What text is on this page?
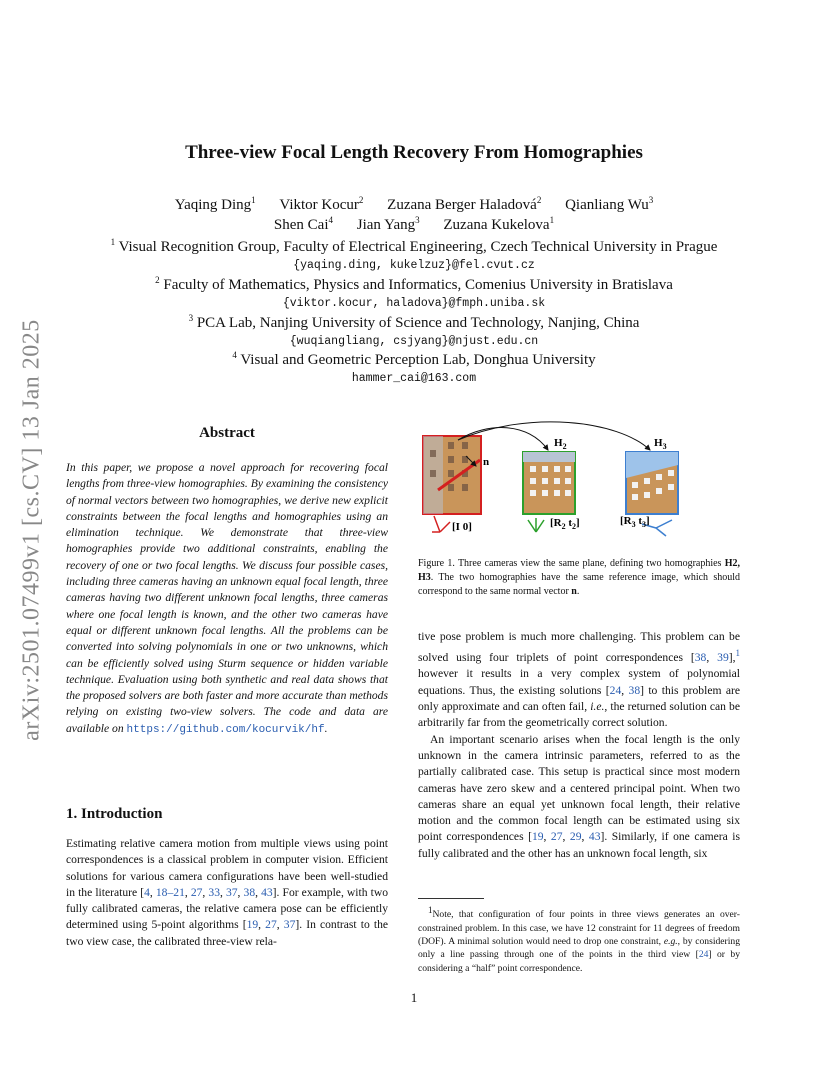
arXiv:2501.07499v1 [cs.CV] 13 Jan 2025
Three-view Focal Length Recovery From Homographies
Yaqing Ding$^1$ Viktor Kocur$^2$ Zuzana Berger Haladová$^2$ Qianliang Wu$^3$
Shen Cai$^4$ Jian Yang$^3$ Zuzana Kukelova$^1$
$^1$ Visual Recognition Group, Faculty of Electrical Engineering, Czech Technical University in Prague
{yaqing.ding, kukelzuz}@fel.cvut.cz
$^2$ Faculty of Mathematics, Physics and Informatics, Comenius University in Bratislava
{viktor.kocur, haladova}@fmph.uniba.sk
$^3$ PCA Lab, Nanjing University of Science and Technology, Nanjing, China
{wuqiangliang, csjyang}@njust.edu.cn
$^4$ Visual and Geometric Perception Lab, Donghua University
hammer_cai@163.com
Abstract
In this paper, we propose a novel approach for recovering focal lengths from three-view homographies. By examining the consistency of normal vectors between two homographies, we derive new explicit constraints between the focal lengths and homographies using an elimination technique. We demonstrate that three-view homographies provide two additional constraints, enabling the recovery of one or two focal lengths. We discuss four possible cases, including three cameras having an unknown equal focal length, three cameras having two different unknown focal lengths, three cameras where one focal length is known, and the other two cameras have equal or different unknown focal lengths. All the problems can be converted into solving polynomials in one or two unknowns, which can be efficiently solved using Sturm sequence or hidden variable technique. Evaluation using both synthetic and real data shows that the proposed solvers are both faster and more accurate than methods relying on existing two-view solvers. The code and data are available on https://github.com/kocurvik/hf.
$H_2$	$H_3$
n
[I 0]	[$R_2$ $t_2$]	[$R_3$ $t_3$]
Figure 1. Three cameras view the same plane, defining two homographies H2, H3. The two homographies have the same reference image, which should correspond to the same normal vector n.
1. Introduction
Estimating relative camera motion from multiple views using point correspondences is a classical problem in computer vision. Efficient solutions for various camera configurations have been well-studied in the literature [4, 18–21, 27, 33, 37, 38, 43]. For example, with two fully calibrated cameras, the relative camera pose can be efficiently determined using 5-point algorithms [19, 27, 37]. In contrast to the two view case, the calibrated three-view rela-

tive pose problem is much more challenging. This problem can be solved using four triplets of point correspondences [38, 39],$^1$ however it results in a very complex system of polynomial equations. Thus, the existing solutions [24, 38] to this problem are only approximate and can often fail, i.e., the returned solution can be arbitrarily far from the geometrically correct solution.

An important scenario arises when the focal length is the only unknown in the camera intrinsic parameters, referred to as the partially calibrated case. This setup is practical since most modern cameras have zero skew and a centered principal point. When two cameras share an equal yet unknown focal length, their relative motion and the common focal length can be estimated using six point correspondences [19, 27, 29, 43]. Similarly, if one camera is fully calibrated and the other has an unknown focal length, six

$^1$Note, that configuration of four points in three views generates an over-constrained problem. In this case, we have 12 constraint for 11 degrees of freedom (DOF). A minimal solution would need to drop one constraint, e.g., by considering only a line passing through one of the points in the third view [24] or by considering a “half” point correspondence.
1
